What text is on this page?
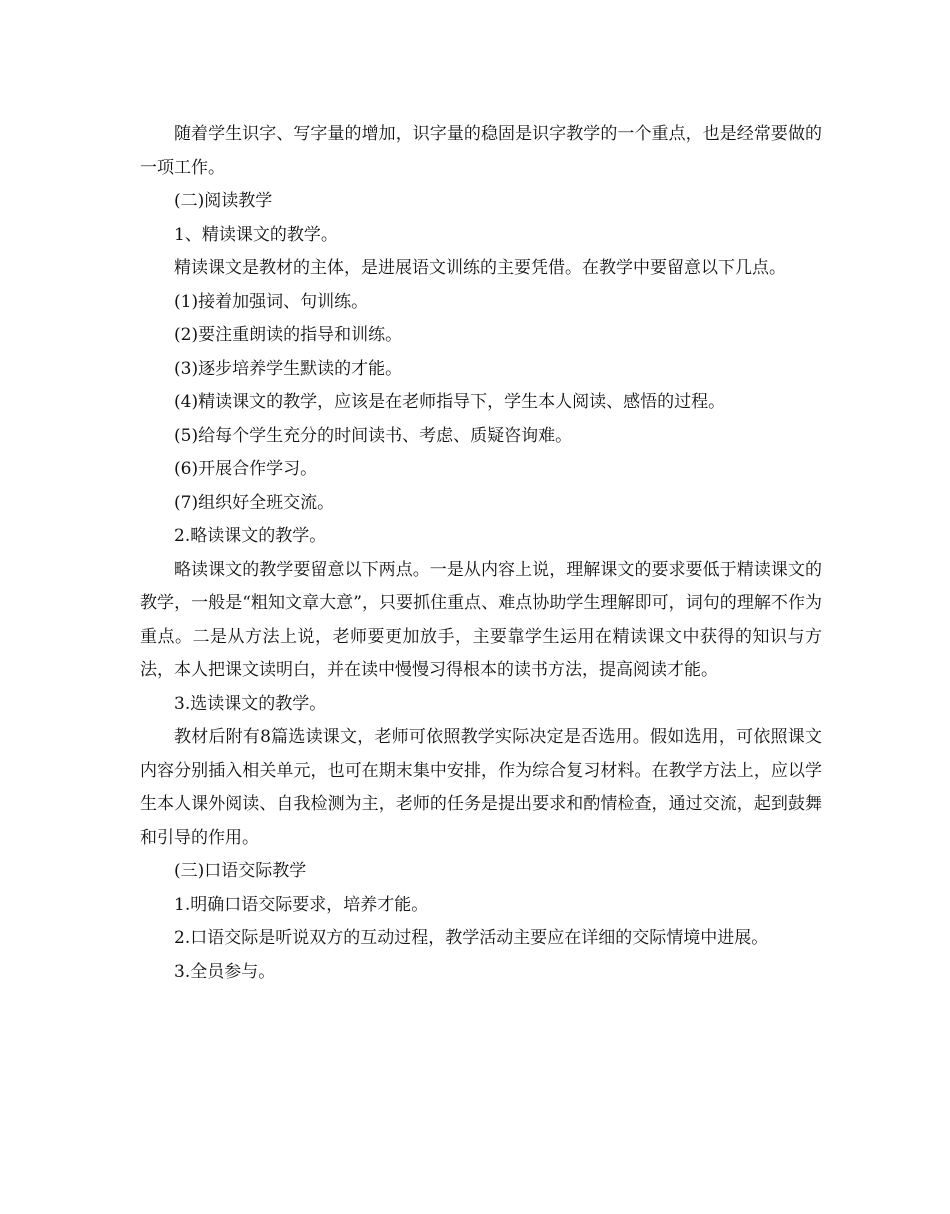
随着学生识字、写字量的增加，识字量的稳固是识字教学的一个重点，也是经常要做的一项工作。

(二)阅读教学

1、精读课文的教学。

精读课文是教材的主体，是进展语文训练的主要凭借。在教学中要留意以下几点。

(1)接着加强词、句训练。

(2)要注重朗读的指导和训练。

(3)逐步培养学生默读的才能。

(4)精读课文的教学，应该是在老师指导下，学生本人阅读、感悟的过程。

(5)给每个学生充分的时间读书、考虑、质疑咨询难。

(6)开展合作学习。

(7)组织好全班交流。

2.略读课文的教学。

略读课文的教学要留意以下两点。一是从内容上说，理解课文的要求要低于精读课文的教学，一般是“粗知文章大意”，只要抓住重点、难点协助学生理解即可，词句的理解不作为重点。二是从方法上说，老师要更加放手，主要靠学生运用在精读课文中获得的知识与方法，本人把课文读明白，并在读中慢慢习得根本的读书方法，提高阅读才能。

3.选读课文的教学。

教材后附有8篇选读课文，老师可依照教学实际决定是否选用。假如选用，可依照课文内容分别插入相关单元，也可在期末集中安排，作为综合复习材料。在教学方法上，应以学生本人课外阅读、自我检测为主，老师的任务是提出要求和酌情检查，通过交流，起到鼓舞和引导的作用。

(三)口语交际教学

1.明确口语交际要求，培养才能。

2.口语交际是听说双方的互动过程，教学活动主要应在详细的交际情境中进展。

3.全员参与。
